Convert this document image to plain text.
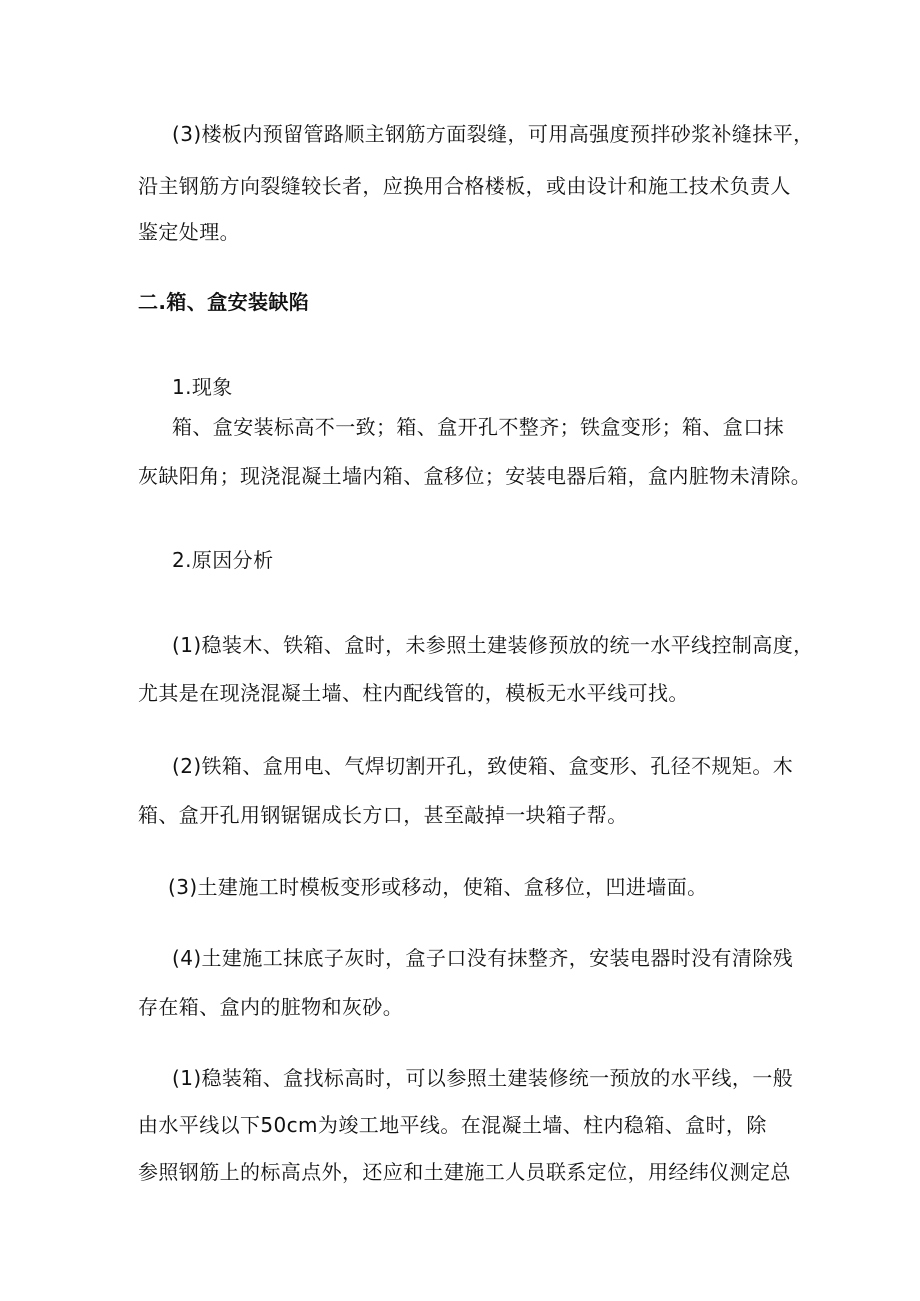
(3)楼板内预留管路顺主钢筋方面裂缝，可用高强度预拌砂浆补缝抹平，
沿主钢筋方向裂缝较长者，应换用合格楼板，或由设计和施工技术负责人
鉴定处理。
二.箱、盒安装缺陷
1.现象
箱、盒安装标高不一致；箱、盒开孔不整齐；铁盒变形；箱、盒口抹
灰缺阳角；现浇混凝土墙内箱、盒移位；安装电器后箱，盒内脏物未清除。
2.原因分析
(1)稳装木、铁箱、盒时，未参照土建装修预放的统一水平线控制高度，
尤其是在现浇混凝土墙、柱内配线管的，模板无水平线可找。
(2)铁箱、盒用电、气焊切割开孔，致使箱、盒变形、孔径不规矩。木
箱、盒开孔用钢锯锯成长方口，甚至敲掉一块箱子帮。
(3)土建施工时模板变形或移动，使箱、盒移位，凹进墙面。
(4)土建施工抹底子灰时，盒子口没有抹整齐，安装电器时没有清除残
存在箱、盒内的脏物和灰砂。
(1)稳装箱、盒找标高时，可以参照土建装修统一预放的水平线，一般
由水平线以下50cm为竣工地平线。在混凝土墙、柱内稳箱、盒时，除
参照钢筋上的标高点外，还应和土建施工人员联系定位，用经纬仪测定总
